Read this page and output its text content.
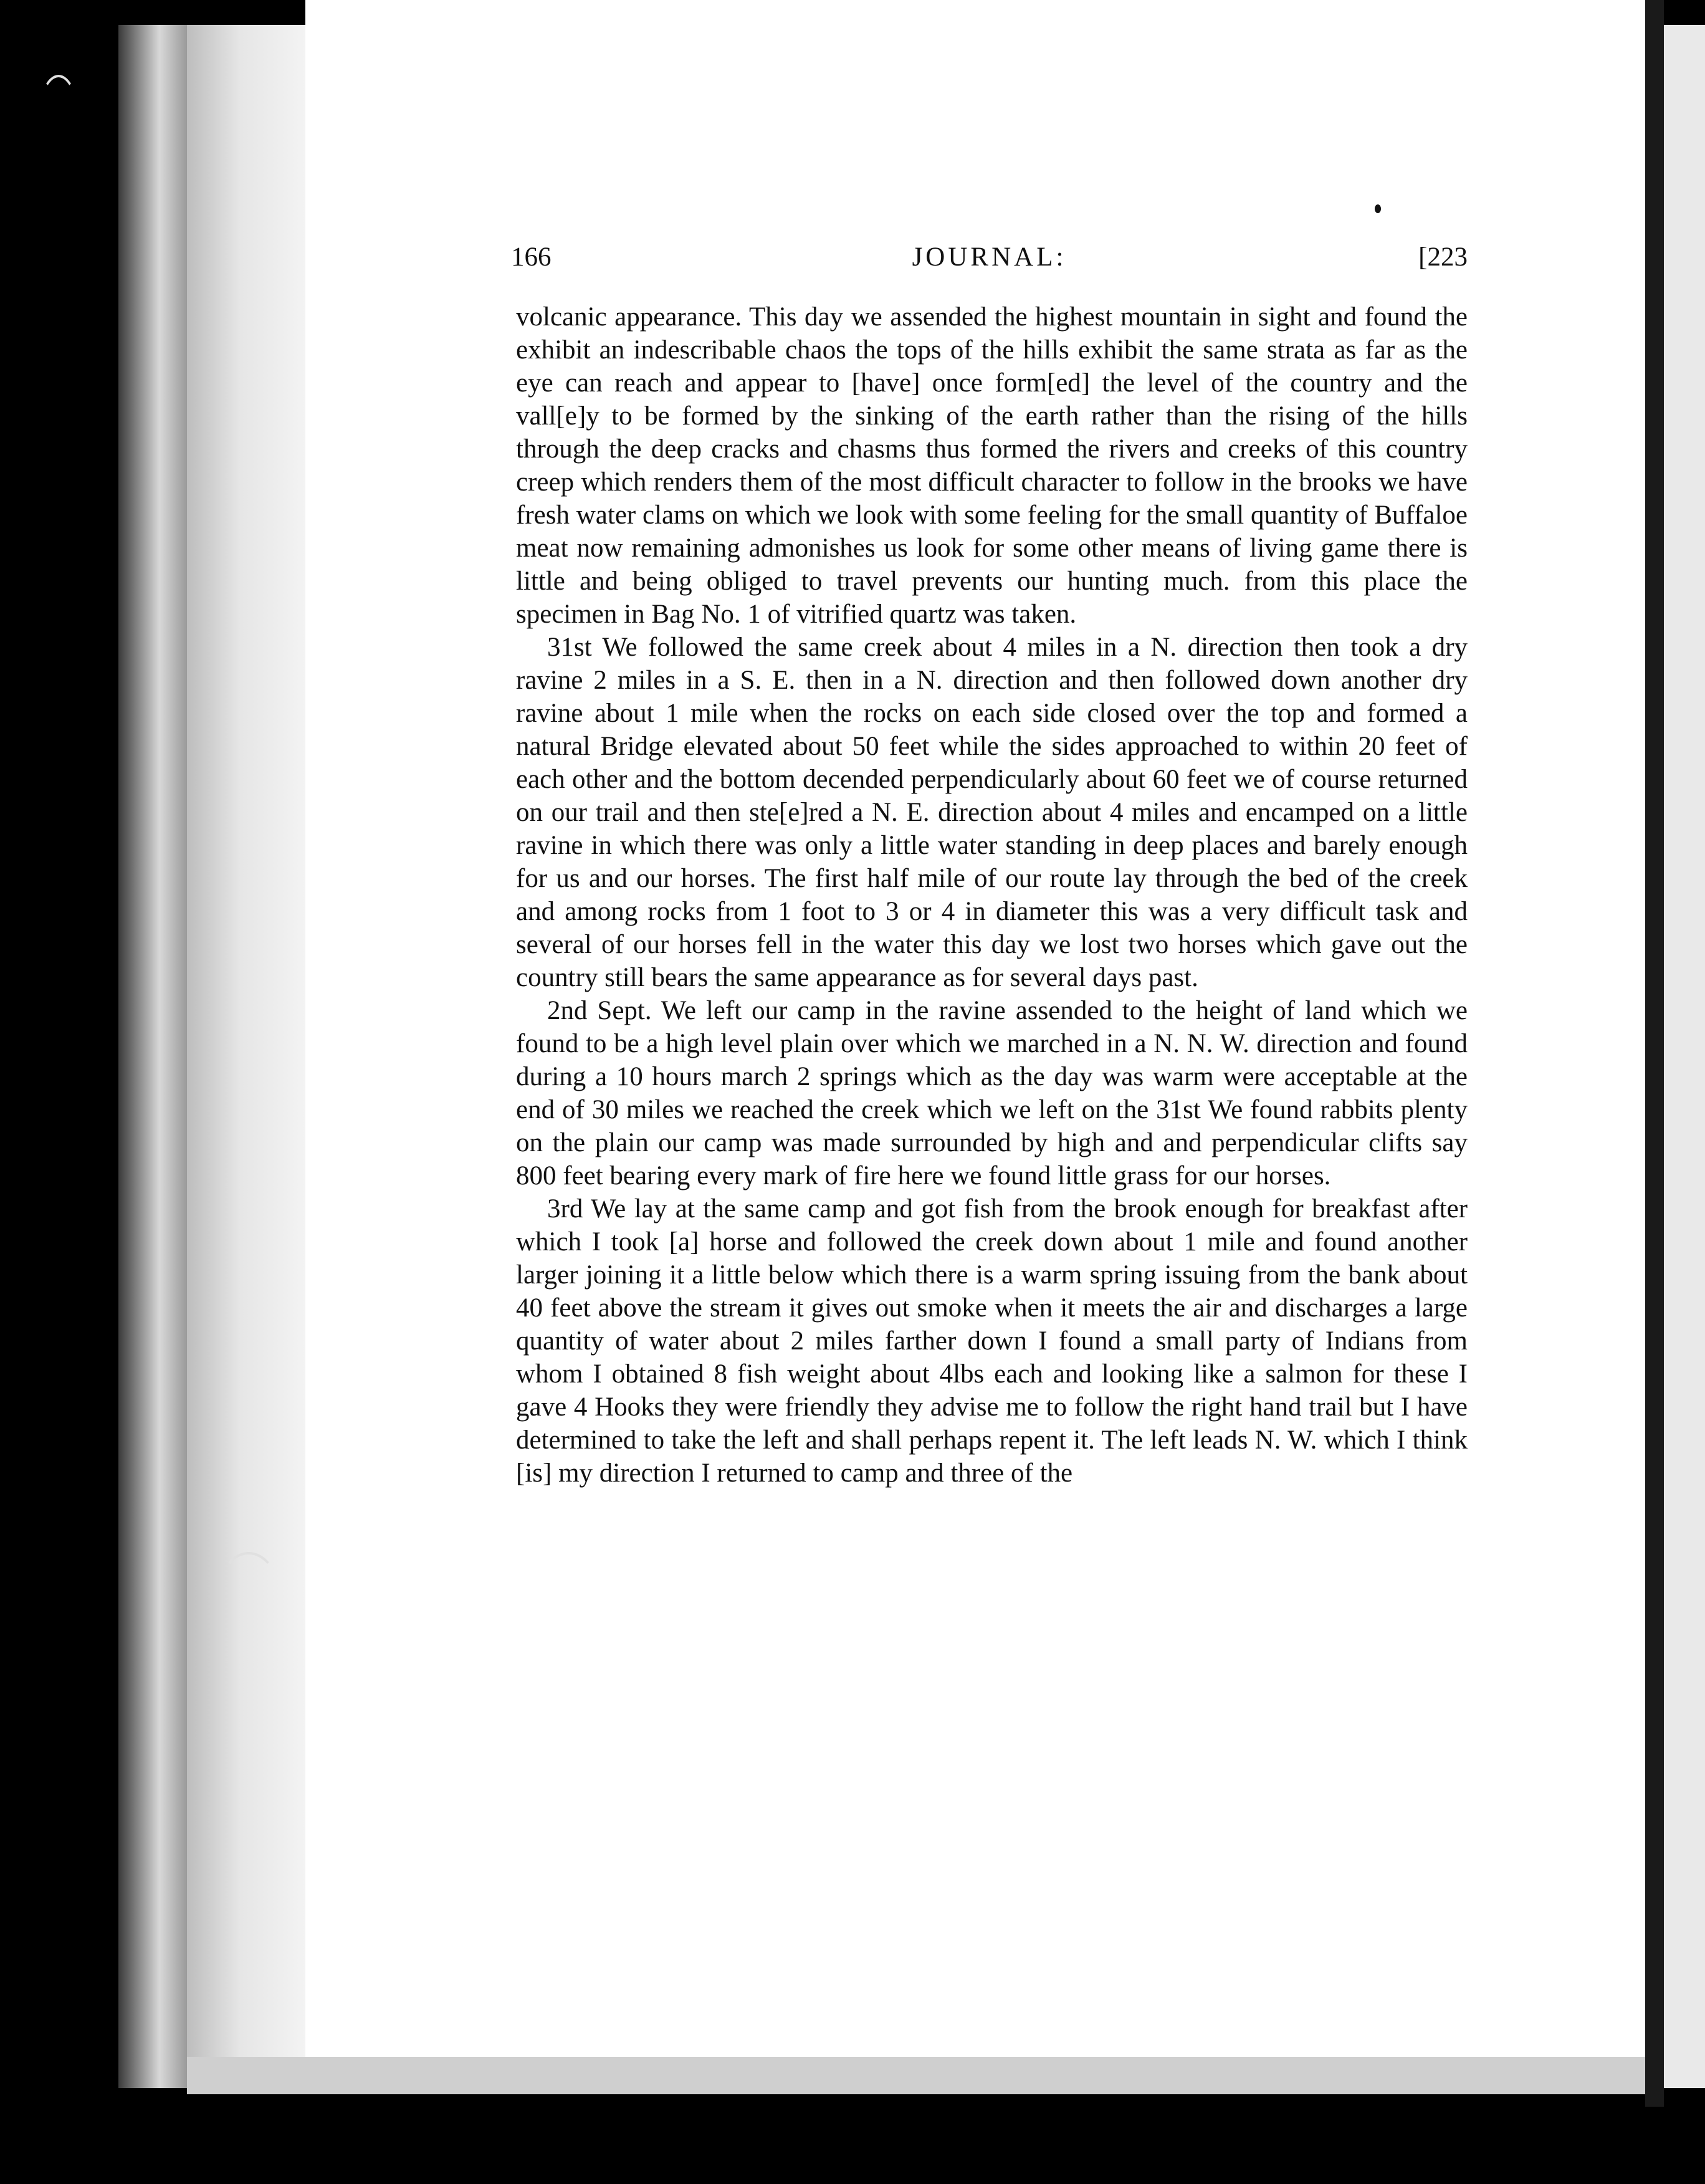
166	JOURNAL:	[223

volcanic appearance. This day we assended the highest mountain in sight and found the exhibit an indescribable chaos the tops of the hills exhibit the same strata as far as the eye can reach and appear to [have] once form[ed] the level of the country and the vall[e]y to be formed by the sinking of the earth rather than the rising of the hills through the deep cracks and chasms thus formed the rivers and creeks of this country creep which renders them of the most difficult character to follow in the brooks we have fresh water clams on which we look with some feeling for the small quantity of Buffaloe meat now remaining admonishes us look for some other means of living game there is little and being obliged to travel prevents our hunting much. from this place the specimen in Bag No. 1 of vitrified quartz was taken.

31st We followed the same creek about 4 miles in a N. direction then took a dry ravine 2 miles in a S. E. then in a N. direction and then followed down another dry ravine about 1 mile when the rocks on each side closed over the top and formed a natural Bridge elevated about 50 feet while the sides approached to within 20 feet of each other and the bottom decended perpendicularly about 60 feet we of course returned on our trail and then ste[e]red a N. E. direction about 4 miles and encamped on a little ravine in which there was only a little water standing in deep places and barely enough for us and our horses. The first half mile of our route lay through the bed of the creek and among rocks from 1 foot to 3 or 4 in diameter this was a very difficult task and several of our horses fell in the water this day we lost two horses which gave out the country still bears the same appearance as for several days past.

2nd Sept. We left our camp in the ravine assended to the height of land which we found to be a high level plain over which we marched in a N. N. W. direction and found during a 10 hours march 2 springs which as the day was warm were acceptable at the end of 30 miles we reached the creek which we left on the 31st We found rabbits plenty on the plain our camp was made surrounded by high and and perpendicular clifts say 800 feet bearing every mark of fire here we found little grass for our horses.

3rd We lay at the same camp and got fish from the brook enough for breakfast after which I took [a] horse and followed the creek down about 1 mile and found another larger joining it a little below which there is a warm spring issuing from the bank about 40 feet above the stream it gives out smoke when it meets the air and discharges a large quantity of water about 2 miles farther down I found a small party of Indians from whom I obtained 8 fish weight about 4lbs each and looking like a salmon for these I gave 4 Hooks they were friendly they advise me to follow the right hand trail but I have determined to take the left and shall perhaps repent it. The left leads N. W. which I think [is] my direction I returned to camp and three of the
